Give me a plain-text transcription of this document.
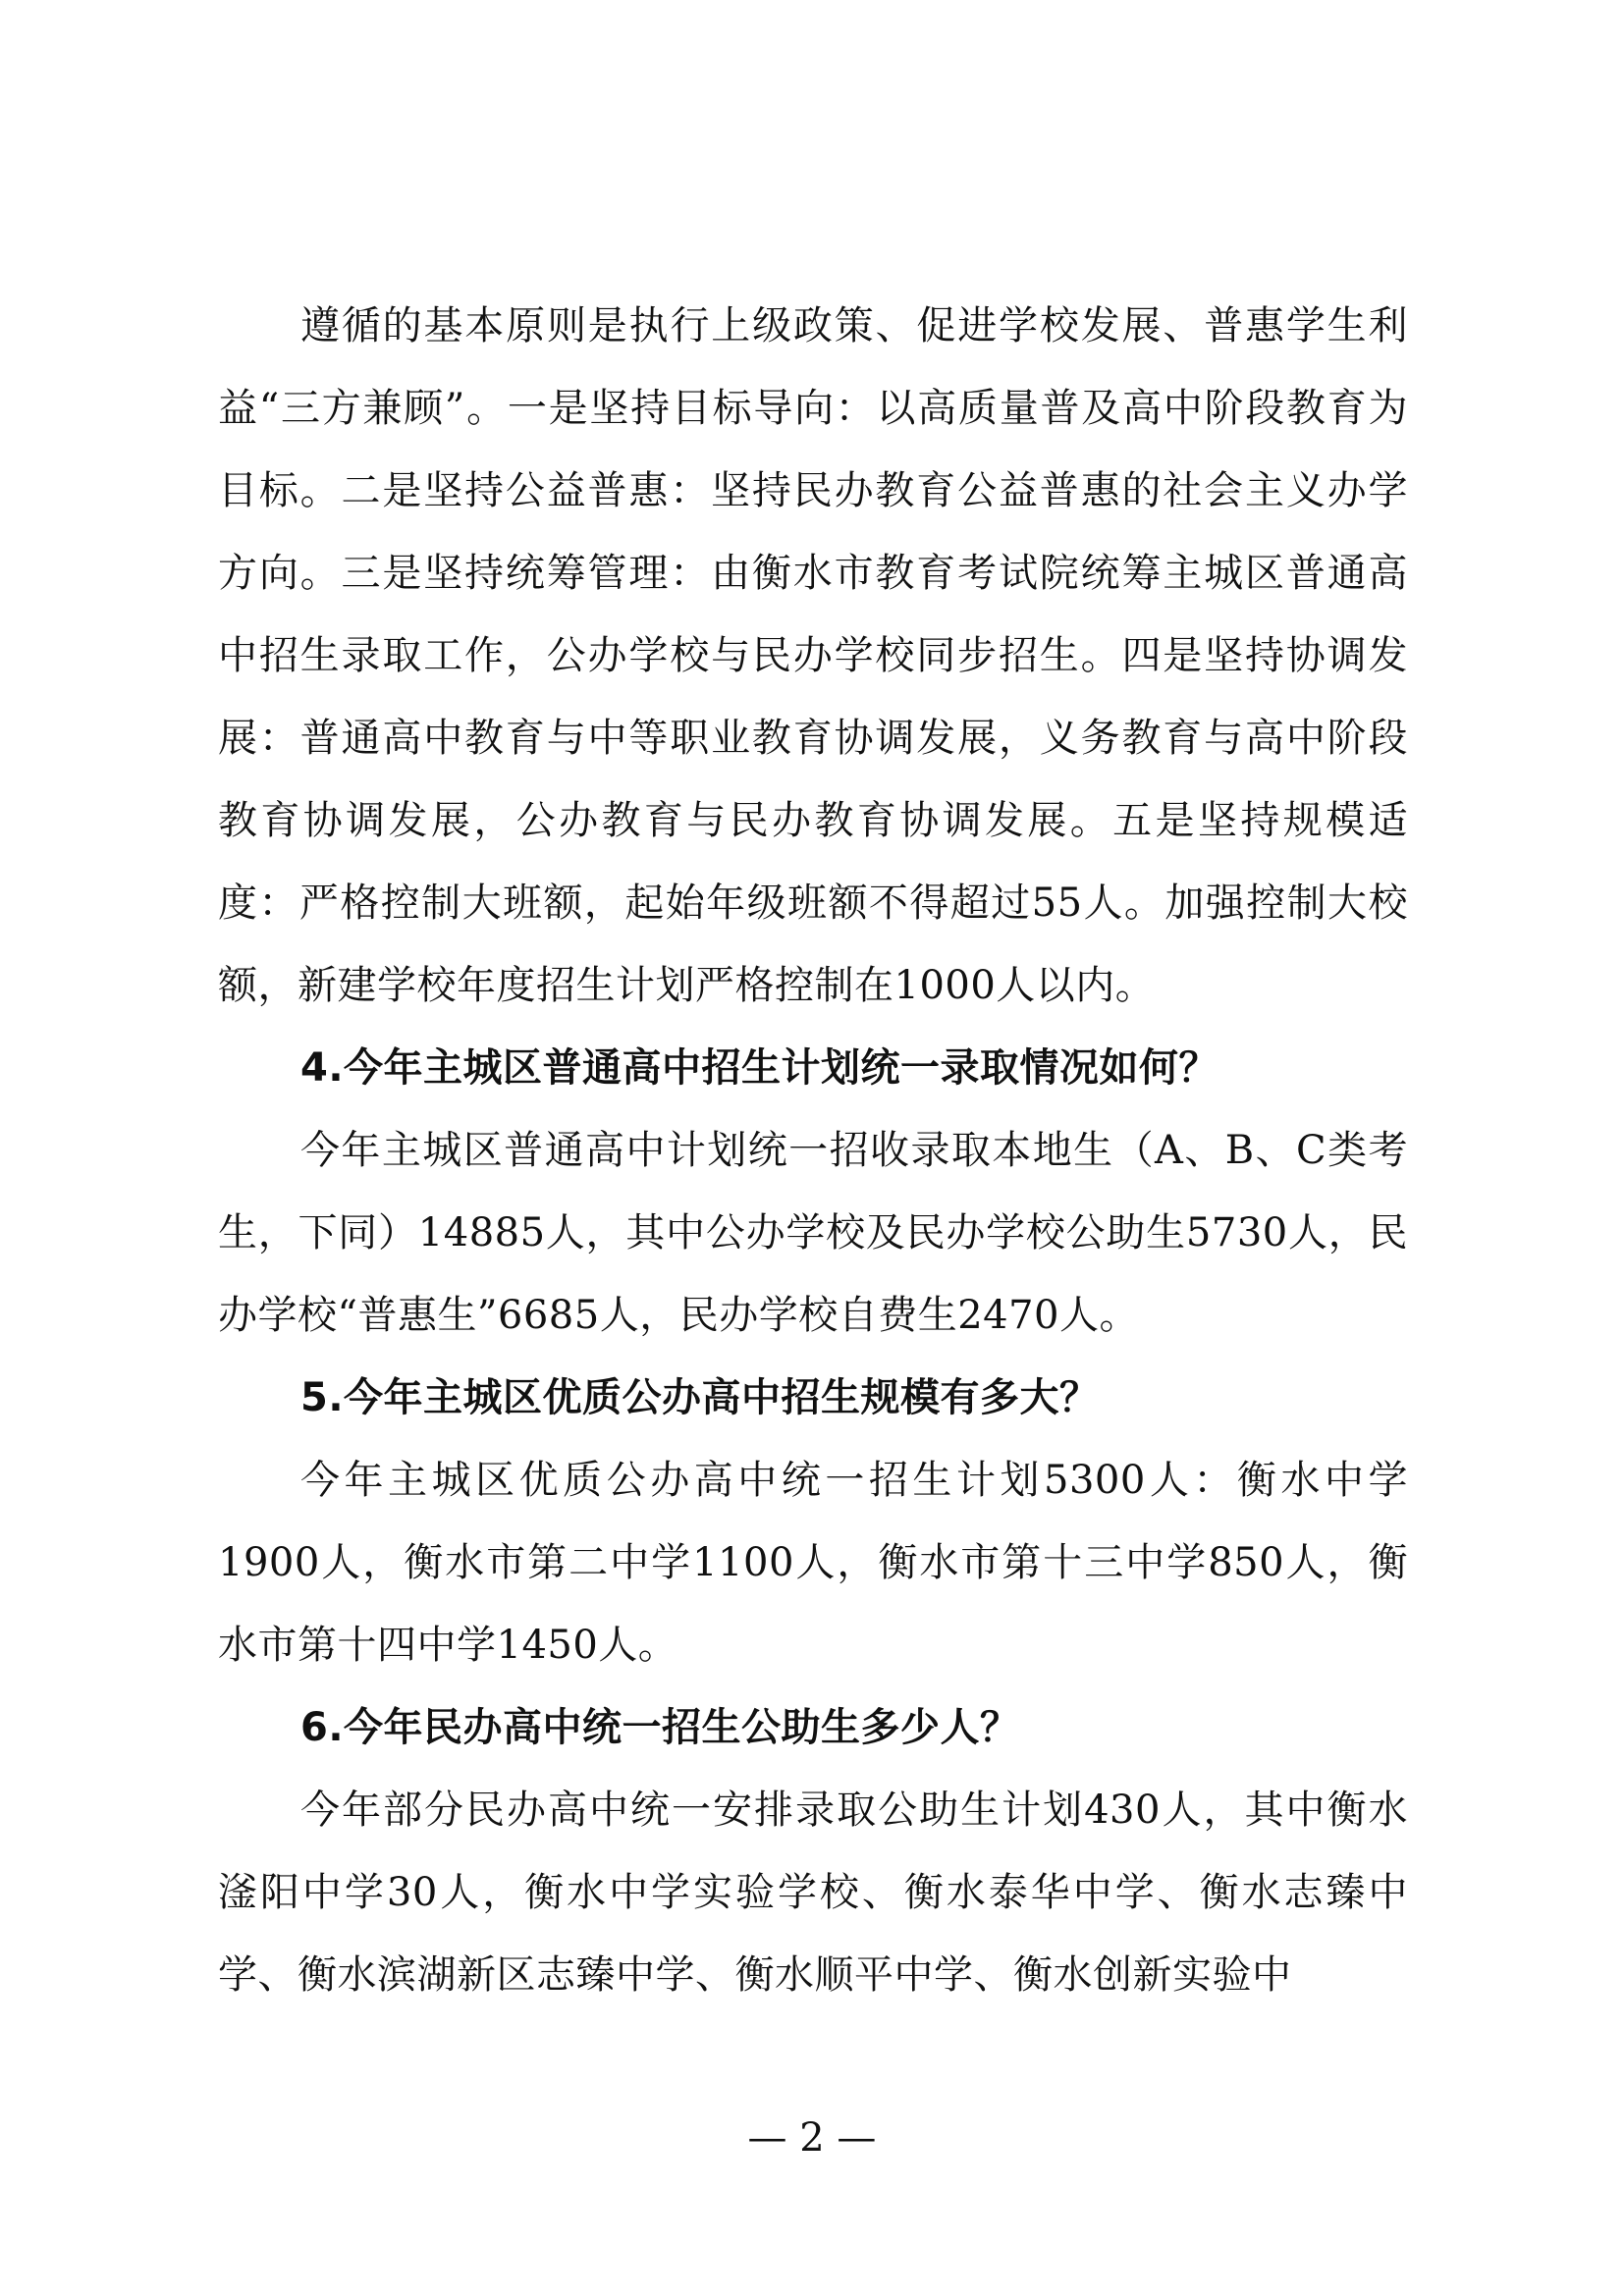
遵循的基本原则是执行上级政策、促进学校发展、普惠学生利益“三方兼顾”。一是坚持目标导向：以高质量普及高中阶段教育为目标。二是坚持公益普惠：坚持民办教育公益普惠的社会主义办学方向。三是坚持统筹管理：由衡水市教育考试院统筹主城区普通高中招生录取工作，公办学校与民办学校同步招生。四是坚持协调发展：普通高中教育与中等职业教育协调发展，义务教育与高中阶段教育协调发展，公办教育与民办教育协调发展。五是坚持规模适度：严格控制大班额，起始年级班额不得超过55人。加强控制大校额，新建学校年度招生计划严格控制在1000人以内。

4.今年主城区普通高中招生计划统一录取情况如何？

今年主城区普通高中计划统一招收录取本地生（A、B、C类考生，下同）14885人，其中公办学校及民办学校公助生5730人，民办学校“普惠生”6685人，民办学校自费生2470人。

5.今年主城区优质公办高中招生规模有多大？

今年主城区优质公办高中统一招生计划5300人：衡水中学1900人，衡水市第二中学1100人，衡水市第十三中学850人，衡水市第十四中学1450人。

6.今年民办高中统一招生公助生多少人？

今年部分民办高中统一安排录取公助生计划430人，其中衡水滏阳中学30人，衡水中学实验学校、衡水泰华中学、衡水志臻中学、衡水滨湖新区志臻中学、衡水顺平中学、衡水创新实验中

— 2 —
